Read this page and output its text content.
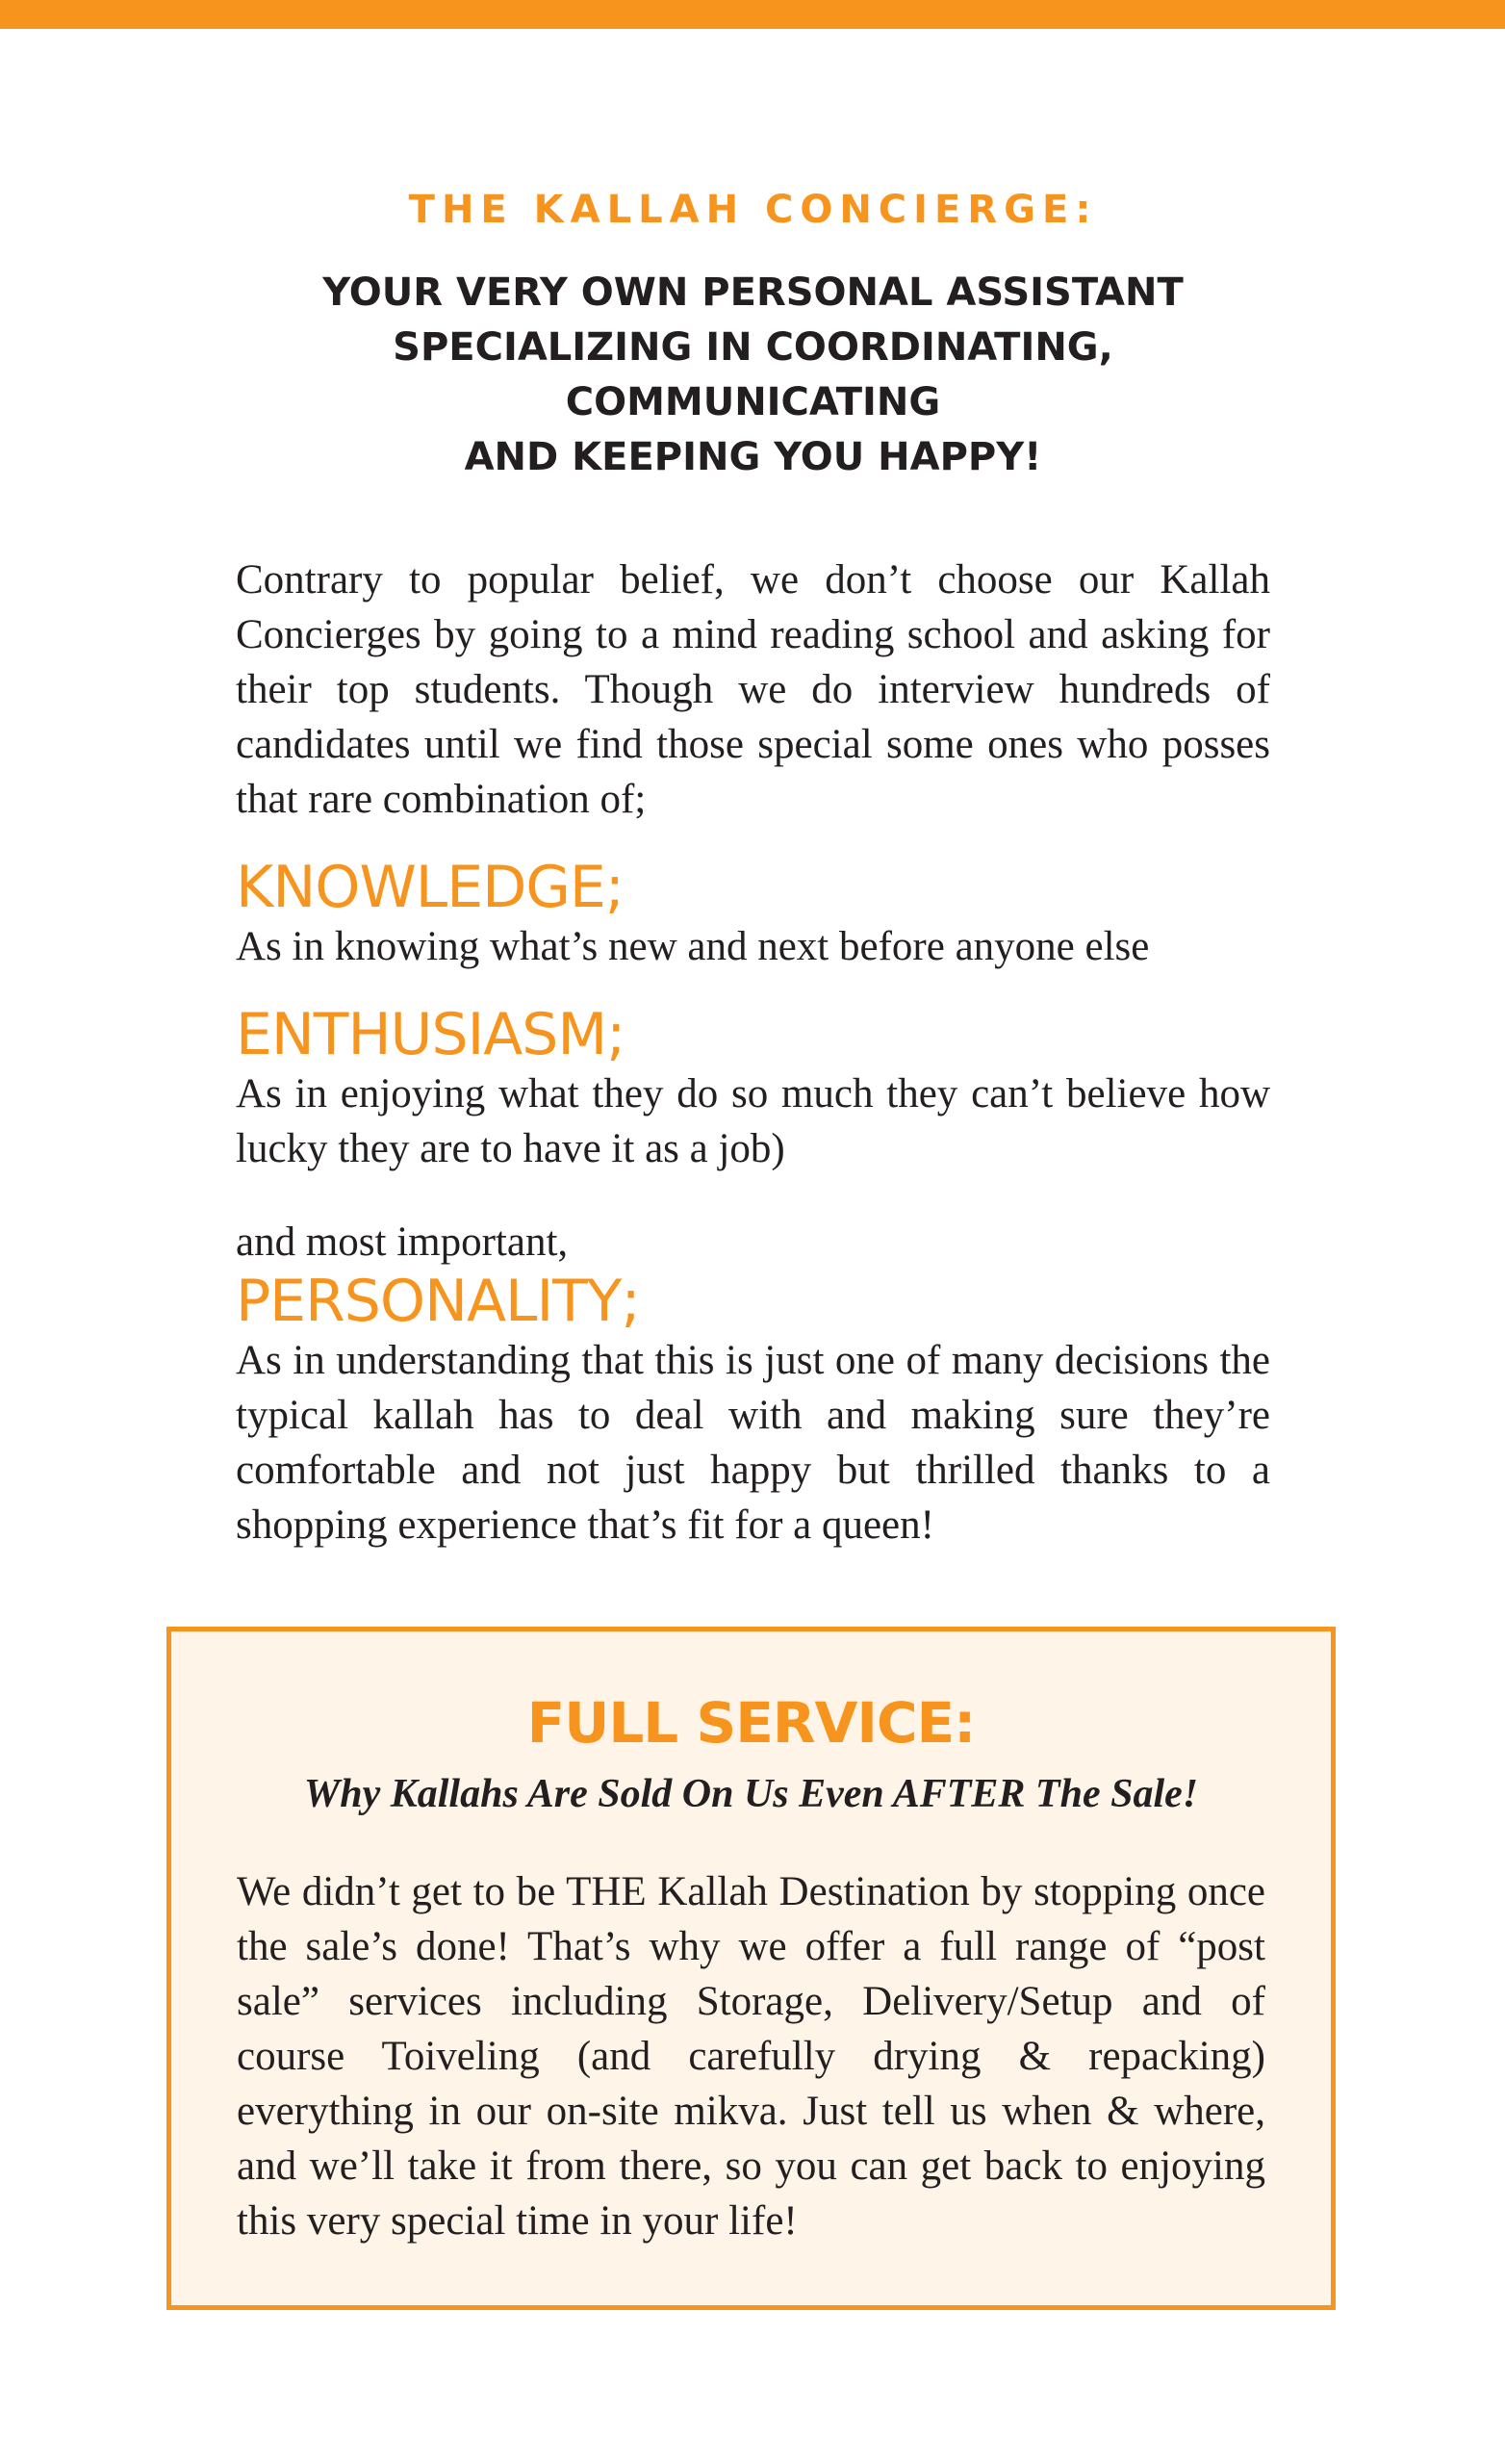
THE KALLAH CONCIERGE:
YOUR VERY OWN PERSONAL ASSISTANT
SPECIALIZING IN COORDINATING,
COMMUNICATING
AND KEEPING YOU HAPPY!

Contrary to popular belief, we don’t choose our Kallah Concierges by going to a mind reading school and asking for their top students. Though we do interview hundreds of candidates until we find those special some ones who posses that rare combination of;

KNOWLEDGE;

As in knowing what’s new and next before anyone else

ENTHUSIASM;

As in enjoying what they do so much they can’t believe how lucky they are to have it as a job)

and most important,

PERSONALITY;

As in understanding that this is just one of many decisions the typical kallah has to deal with and making sure they’re comfortable and not just happy but thrilled thanks to a shopping experience that’s fit for a queen!

FULL SERVICE:

Why Kallahs Are Sold On Us Even AFTER The Sale!

We didn’t get to be THE Kallah Destination by stopping once the sale’s done! That’s why we offer a full range of “post sale” services including Storage, Delivery/Setup and of course Toiveling (and carefully drying & repacking) everything in our on-site mikva. Just tell us when & where, and we’ll take it from there, so you can get back to enjoying this very special time in your life!
